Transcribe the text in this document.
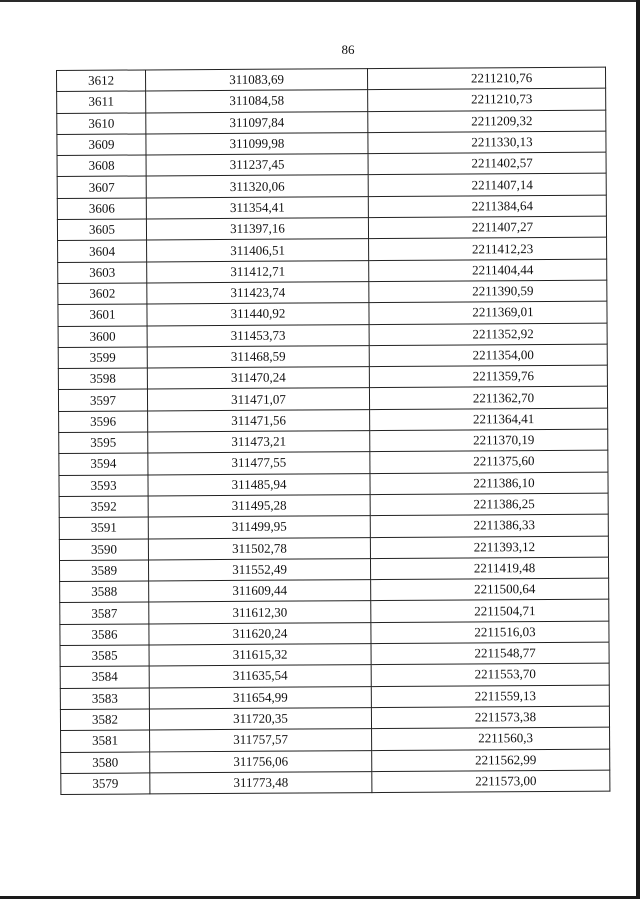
86
3612	311083,69	2211210,76
3611	311084,58	2211210,73
3610	311097,84	2211209,32
3609	311099,98	2211330,13
3608	311237,45	2211402,57
3607	311320,06	2211407,14
3606	311354,41	2211384,64
3605	311397,16	2211407,27
3604	311406,51	2211412,23
3603	311412,71	2211404,44
3602	311423,74	2211390,59
3601	311440,92	2211369,01
3600	311453,73	2211352,92
3599	311468,59	2211354,00
3598	311470,24	2211359,76
3597	311471,07	2211362,70
3596	311471,56	2211364,41
3595	311473,21	2211370,19
3594	311477,55	2211375,60
3593	311485,94	2211386,10
3592	311495,28	2211386,25
3591	311499,95	2211386,33
3590	311502,78	2211393,12
3589	311552,49	2211419,48
3588	311609,44	2211500,64
3587	311612,30	2211504,71
3586	311620,24	2211516,03
3585	311615,32	2211548,77
3584	311635,54	2211553,70
3583	311654,99	2211559,13
3582	311720,35	2211573,38
3581	311757,57	2211560,3
3580	311756,06	2211562,99
3579	311773,48	2211573,00
